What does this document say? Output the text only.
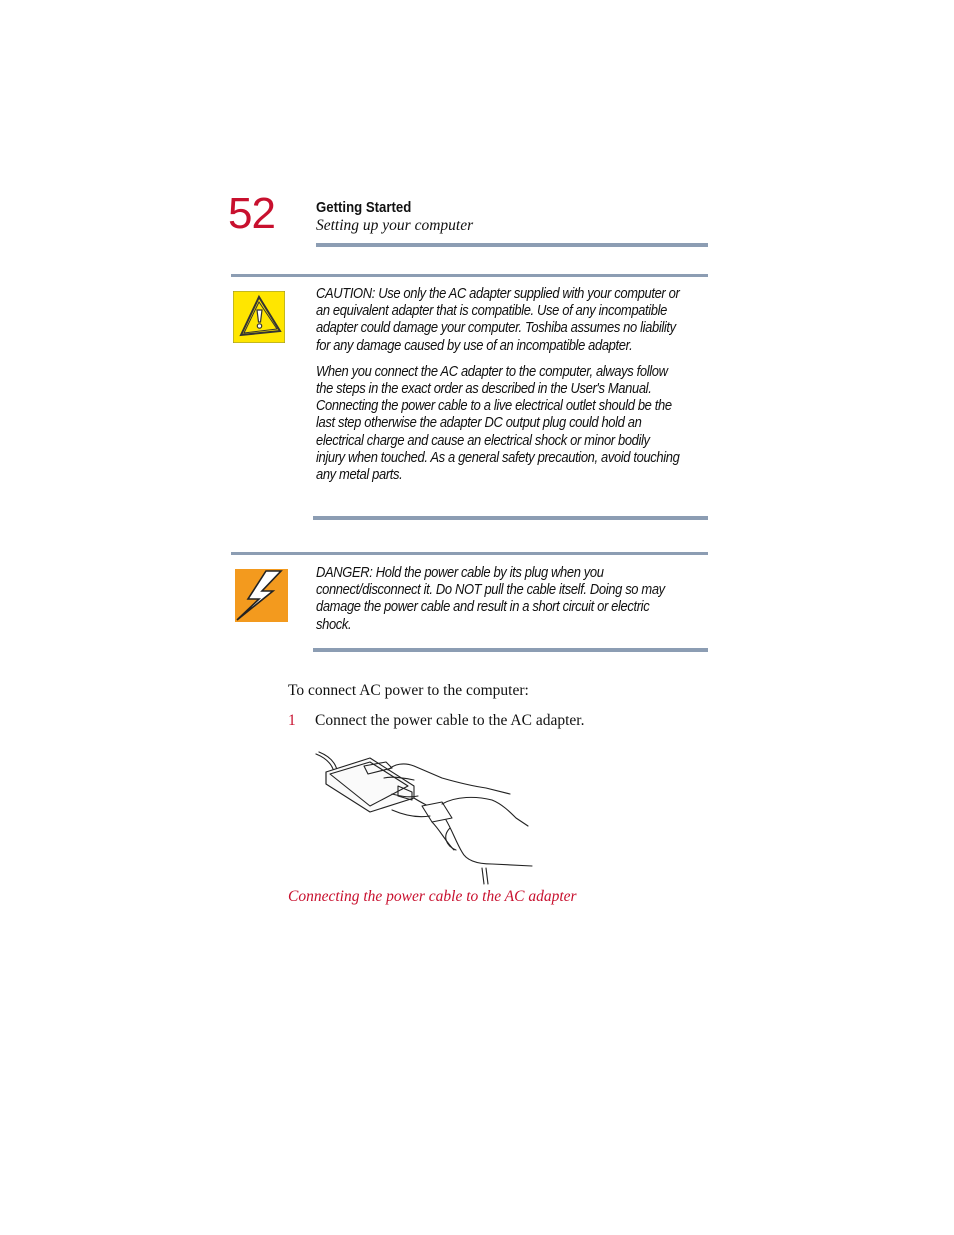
52	Getting Started
Setting up your computer

CAUTION: Use only the AC adapter supplied with your computer or an equivalent adapter that is compatible. Use of any incompatible adapter could damage your computer. Toshiba assumes no liability for any damage caused by use of an incompatible adapter.

When you connect the AC adapter to the computer, always follow the steps in the exact order as described in the User's Manual. Connecting the power cable to a live electrical outlet should be the last step otherwise the adapter DC output plug could hold an electrical charge and cause an electrical shock or minor bodily injury when touched. As a general safety precaution, avoid touching any metal parts.

DANGER: Hold the power cable by its plug when you connect/disconnect it. Do NOT pull the cable itself. Doing so may damage the power cable and result in a short circuit or electric shock.

To connect AC power to the computer:
1 Connect the power cable to the AC adapter.
Connecting the power cable to the AC adapter
